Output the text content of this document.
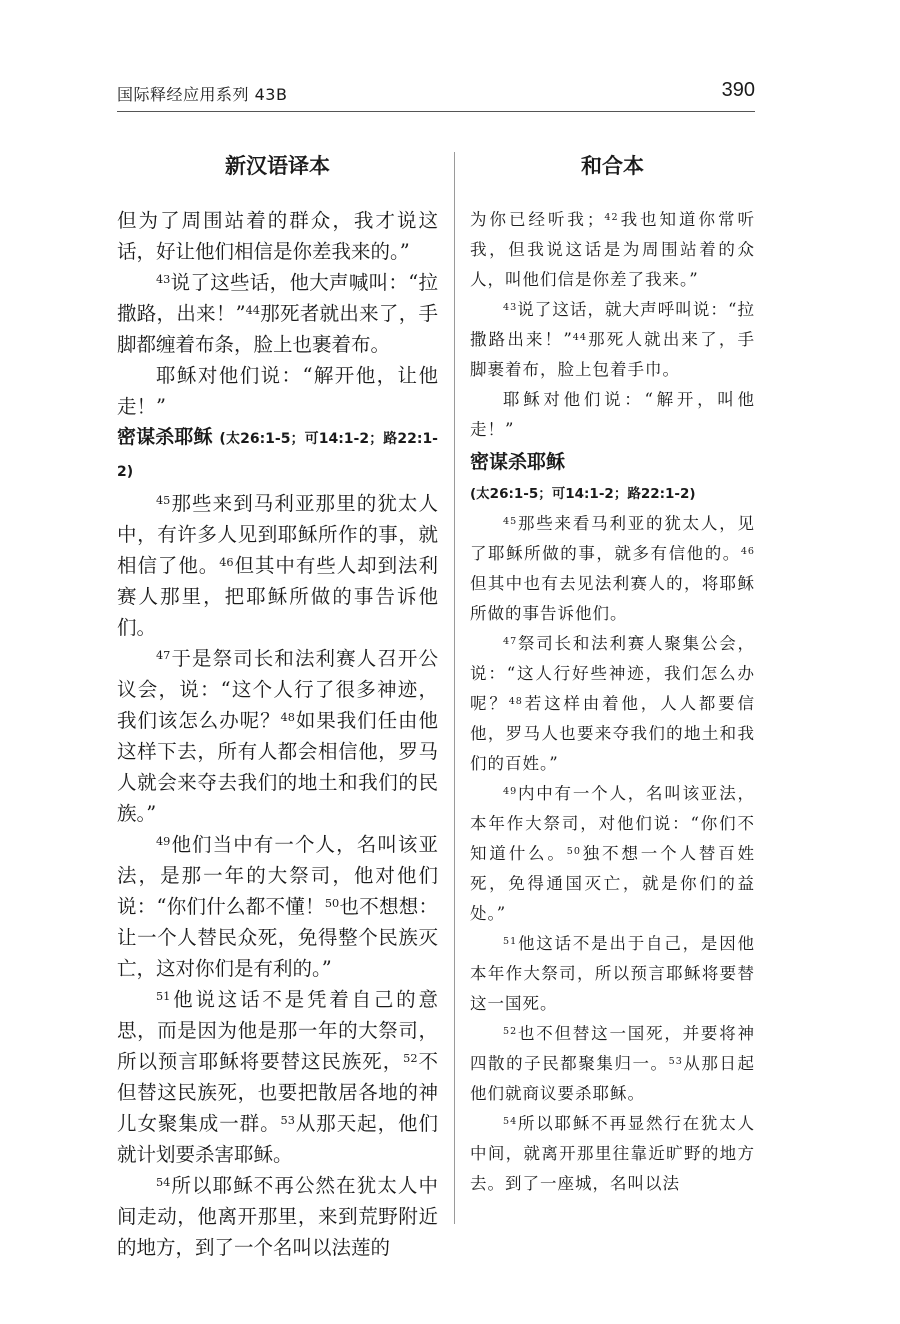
国际释经应用系列 43B	390
新汉语译本	和合本

但为了周围站着的群众，我才说这话，好让他们相信是你差我来的。”

$^{43}$说了这些话，他大声喊叫：“拉撒路，出来！”$^{44}$那死者就出来了，手脚都缠着布条，脸上也裹着布。

耶稣对他们说：“解开他，让他走！”

密谋杀耶稣 (太26:1-5；可14:1-2；路22:1-2)

$^{45}$那些来到马利亚那里的犹太人中，有许多人见到耶稣所作的事，就相信了他。$^{46}$但其中有些人却到法利赛人那里，把耶稣所做的事告诉他们。

$^{47}$于是祭司长和法利赛人召开公议会，说：“这个人行了很多神迹，我们该怎么办呢？$^{48}$如果我们任由他这样下去，所有人都会相信他，罗马人就会来夺去我们的地土和我们的民族。”

$^{49}$他们当中有一个人，名叫该亚法，是那一年的大祭司，他对他们说：“你们什么都不懂！$^{50}$也不想想：让一个人替民众死，免得整个民族灭亡，这对你们是有利的。”

$^{51}$他说这话不是凭着自己的意思，而是因为他是那一年的大祭司，所以预言耶稣将要替这民族死，$^{52}$不但替这民族死，也要把散居各地的神儿女聚集成一群。$^{53}$从那天起，他们就计划要杀害耶稣。

$^{54}$所以耶稣不再公然在犹太人中间走动，他离开那里，来到荒野附近的地方，到了一个名叫以法莲的

为你已经听我；$^{42}$我也知道你常听我，但我说这话是为周围站着的众人，叫他们信是你差了我来。”

$^{43}$说了这话，就大声呼叫说：“拉撒路出来！”$^{44}$那死人就出来了，手脚裹着布，脸上包着手巾。

耶稣对他们说：“解开，叫他走！”

密谋杀耶稣

(太26:1-5；可14:1-2；路22:1-2)

$^{45}$那些来看马利亚的犹太人，见了耶稣所做的事，就多有信他的。$^{46}$但其中也有去见法利赛人的，将耶稣所做的事告诉他们。

$^{47}$祭司长和法利赛人聚集公会，说：“这人行好些神迹，我们怎么办呢？$^{48}$若这样由着他，人人都要信他，罗马人也要来夺我们的地土和我们的百姓。”

$^{49}$内中有一个人，名叫该亚法，本年作大祭司，对他们说：“你们不知道什么。$^{50}$独不想一个人替百姓死，免得通国灭亡，就是你们的益处。”

$^{51}$他这话不是出于自己，是因他本年作大祭司，所以预言耶稣将要替这一国死。

$^{52}$也不但替这一国死，并要将神四散的子民都聚集归一。$^{53}$从那日起他们就商议要杀耶稣。

$^{54}$所以耶稣不再显然行在犹太人中间，就离开那里往靠近旷野的地方去。到了一座城，名叫以法
